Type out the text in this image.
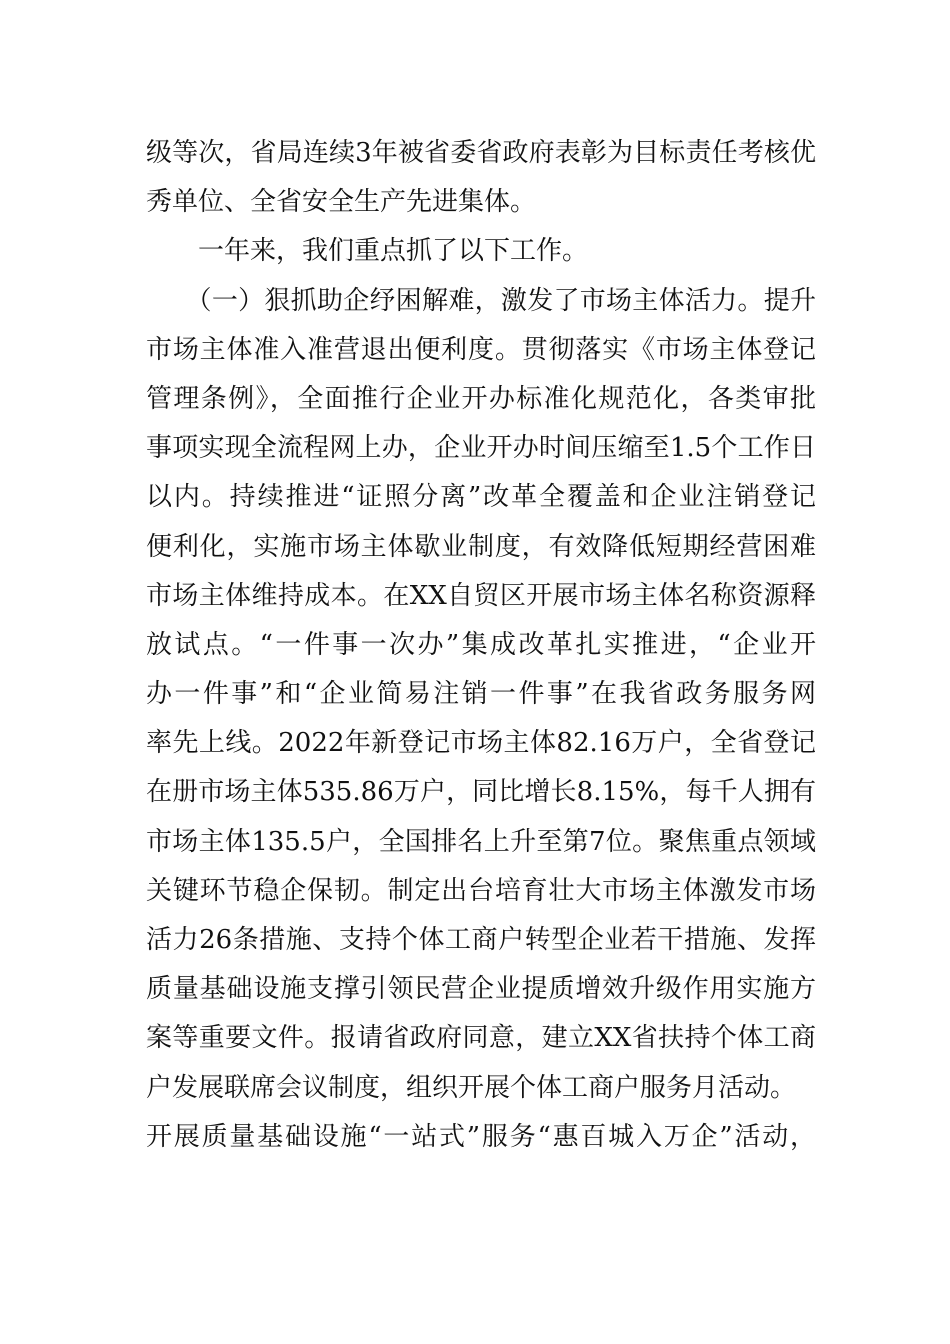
级等次，省局连续3年被省委省政府表彰为目标责任考核优
秀单位、全省安全生产先进集体。
　　一年来，我们重点抓了以下工作。
　　（一）狠抓助企纾困解难，激发了市场主体活力。提升
市场主体准入准营退出便利度。贯彻落实《市场主体登记
管理条例》，全面推行企业开办标准化规范化，各类审批
事项实现全流程网上办，企业开办时间压缩至1.5个工作日
以内。持续推进“证照分离”改革全覆盖和企业注销登记
便利化，实施市场主体歇业制度，有效降低短期经营困难
市场主体维持成本。在XX自贸区开展市场主体名称资源释
放试点。“一件事一次办”集成改革扎实推进，“企业开
办一件事”和“企业简易注销一件事”在我省政务服务网
率先上线。2022年新登记市场主体82.16万户，全省登记
在册市场主体535.86万户，同比增长8.15%，每千人拥有
市场主体135.5户，全国排名上升至第7位。聚焦重点领域
关键环节稳企保韧。制定出台培育壮大市场主体激发市场
活力26条措施、支持个体工商户转型企业若干措施、发挥
质量基础设施支撑引领民营企业提质增效升级作用实施方
案等重要文件。报请省政府同意，建立XX省扶持个体工商
户发展联席会议制度，组织开展个体工商户服务月活动。
开展质量基础设施“一站式”服务“惠百城入万企”活动，
